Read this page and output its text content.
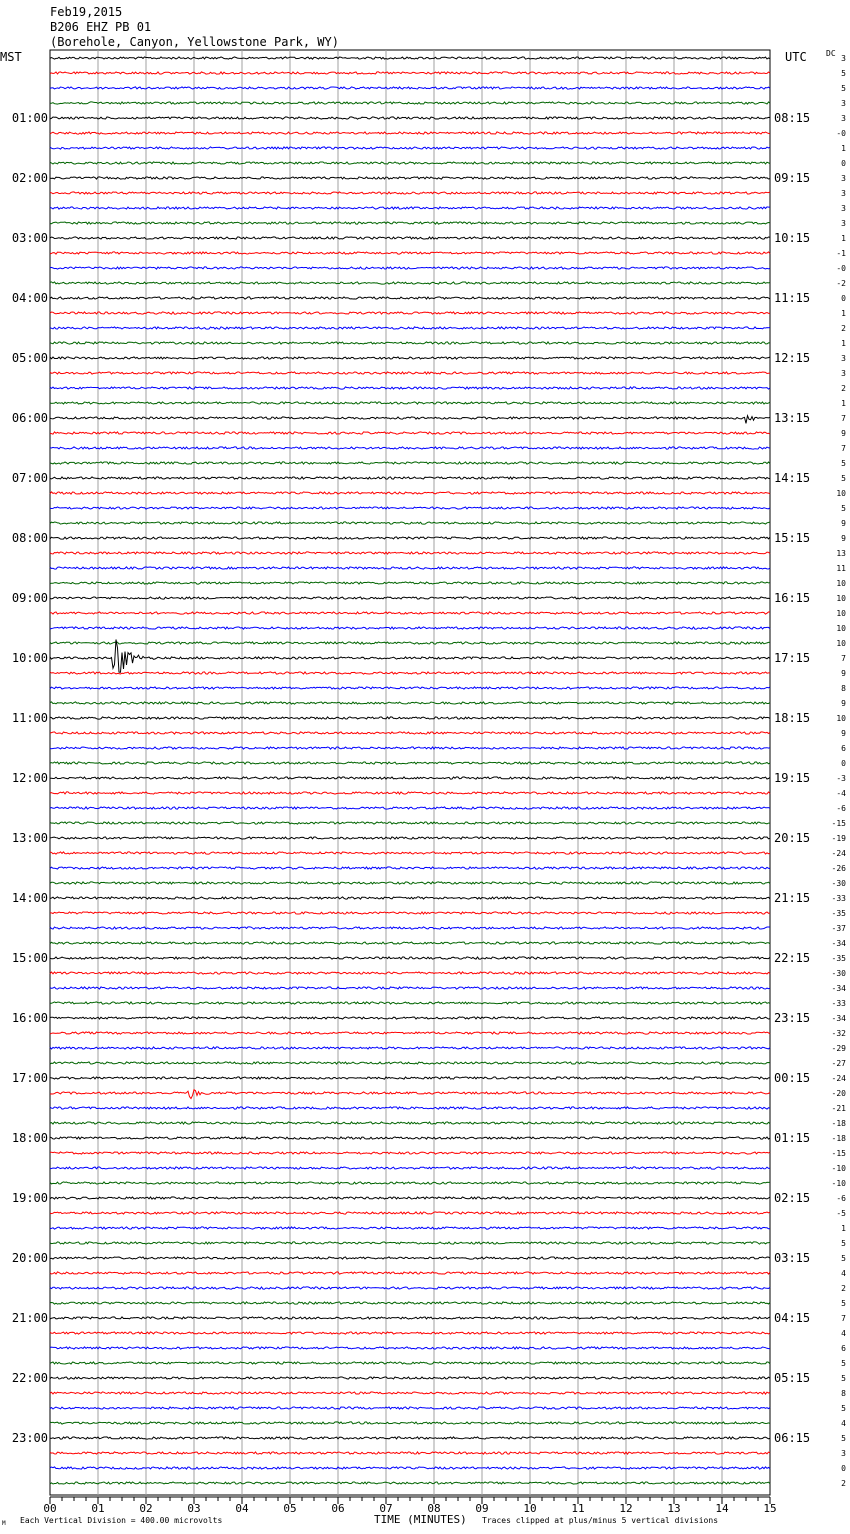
Feb19,2015
B206 EHZ PB 01
(Borehole, Canyon, Yellowstone Park, WY)
MST	UTC DC
01:00
02:00
03:00
04:00
05:00
06:00
07:00
08:00
09:00
10:00
11:00
12:00
13:00
14:00
15:00
16:00
17:00
18:00
19:00
20:00
21:00
22:00
23:00
08:15
09:15
10:15
11:15
12:15
13:15
14:15
15:15
16:15
17:15
18:15
19:15
20:15
21:15
22:15
23:15
00:15
01:15
02:15
03:15
04:15
05:15
06:15
3
5
5
3
3
-0
1
0
3
3
3
3
1
-1
-0
-2
0
1
2
1
3
3
2
1
7
9
7
5
5
10
5
9
9
13
11
10
10
10
10
10
7
9
8
9
10
9
6
0
-3
-4
-6
-15
-19
-24
-26
-30
-33
-35
-37
-34
-35
-30
-34
-33
-34
-32
-29
-27
-24
-20
-21
-18
-18
-15
-10
-10
-6
-5
1
5
5
4
2
5
7
4
6
5
5
8
5
4
5
3
0
2
00	01	02	03	04	05	06	07	08	09	10	11	12	13	14	15
M Each Vertical Division = 400.00 microvolts	TIME (MINUTES) Traces clipped at plus/minus 5 vertical divisions
